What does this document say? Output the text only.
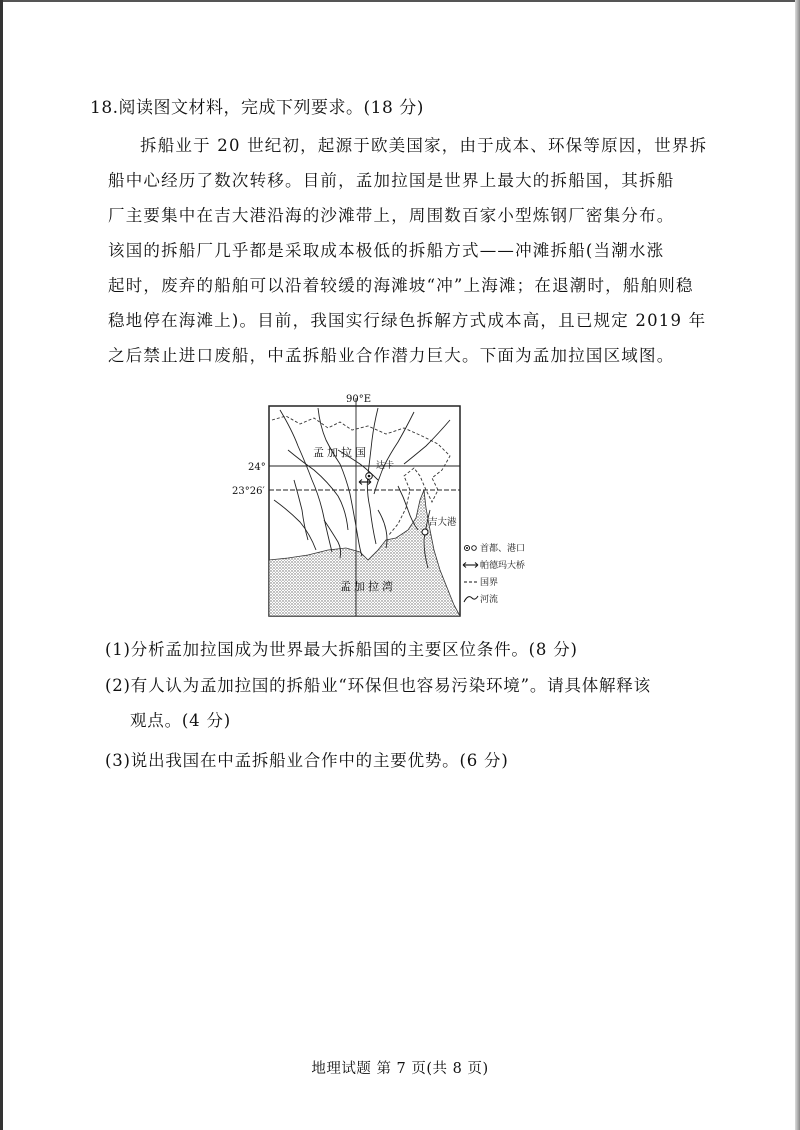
18.阅读图文材料，完成下列要求。(18 分)

拆船业于 20 世纪初，起源于欧美国家，由于成本、环保等原因，世界拆
船中心经历了数次转移。目前，孟加拉国是世界上最大的拆船国，其拆船
厂主要集中在吉大港沿海的沙滩带上，周围数百家小型炼钢厂密集分布。
该国的拆船厂几乎都是采取成本极低的拆船方式——冲滩拆船(当潮水涨
起时，废弃的船舶可以沿着较缓的海滩坡“冲”上海滩；在退潮时，船舶则稳
稳地停在海滩上)。目前，我国实行绿色拆解方式成本高，且已规定 2019 年
之后禁止进口废船，中孟拆船业合作潜力巨大。下面为孟加拉国区域图。

90°E
24°
23°26′
达卡
吉大港
孟加拉国
孟加拉湾
首都、港口
帕德玛大桥
国界
河流
(1)分析孟加拉国成为世界最大拆船国的主要区位条件。(8 分)
(2)有人认为孟加拉国的拆船业“环保但也容易污染环境”。请具体解释该
观点。(4 分)
(3)说出我国在中孟拆船业合作中的主要优势。(6 分)
地理试题 第 7 页(共 8 页)
